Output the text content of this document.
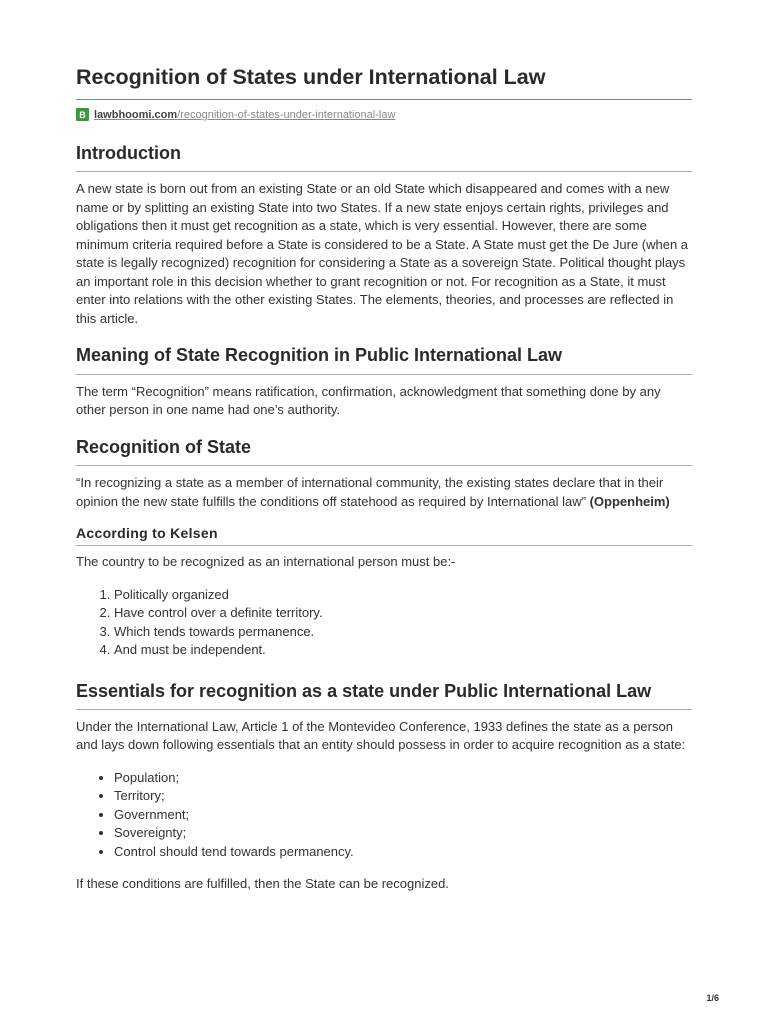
Recognition of States under International Law
B lawbhoomi.com/recognition-of-states-under-international-law
Introduction

A new state is born out from an existing State or an old State which disappeared and comes with a new name or by splitting an existing State into two States. If a new state enjoys certain rights, privileges and obligations then it must get recognition as a state, which is very essential. However, there are some minimum criteria required before a State is considered to be a State. A State must get the De Jure (when a state is legally recognized) recognition for considering a State as a sovereign State. Political thought plays an important role in this decision whether to grant recognition or not. For recognition as a State, it must enter into relations with the other existing States. The elements, theories, and processes are reflected in this article.

Meaning of State Recognition in Public International Law

The term “Recognition” means ratification, confirmation, acknowledgment that something done by any other person in one name had one’s authority.

Recognition of State

“In recognizing a state as a member of international community, the existing states declare that in their opinion the new state fulfills the conditions off statehood as required by International law” (Oppenheim)

According to Kelsen

The country to be recognized as an international person must be:-

1. Politically organized
2. Have control over a definite territory.
3. Which tends towards permanence.
4. And must be independent.
Essentials for recognition as a state under Public International Law

Under the International Law, Article 1 of the Montevideo Conference, 1933 defines the state as a person and lays down following essentials that an entity should possess in order to acquire recognition as a state:

• Population;
• Territory;
• Government;
• Sovereignty;
• Control should tend towards permanency.

If these conditions are fulfilled, then the State can be recognized.

1/6
